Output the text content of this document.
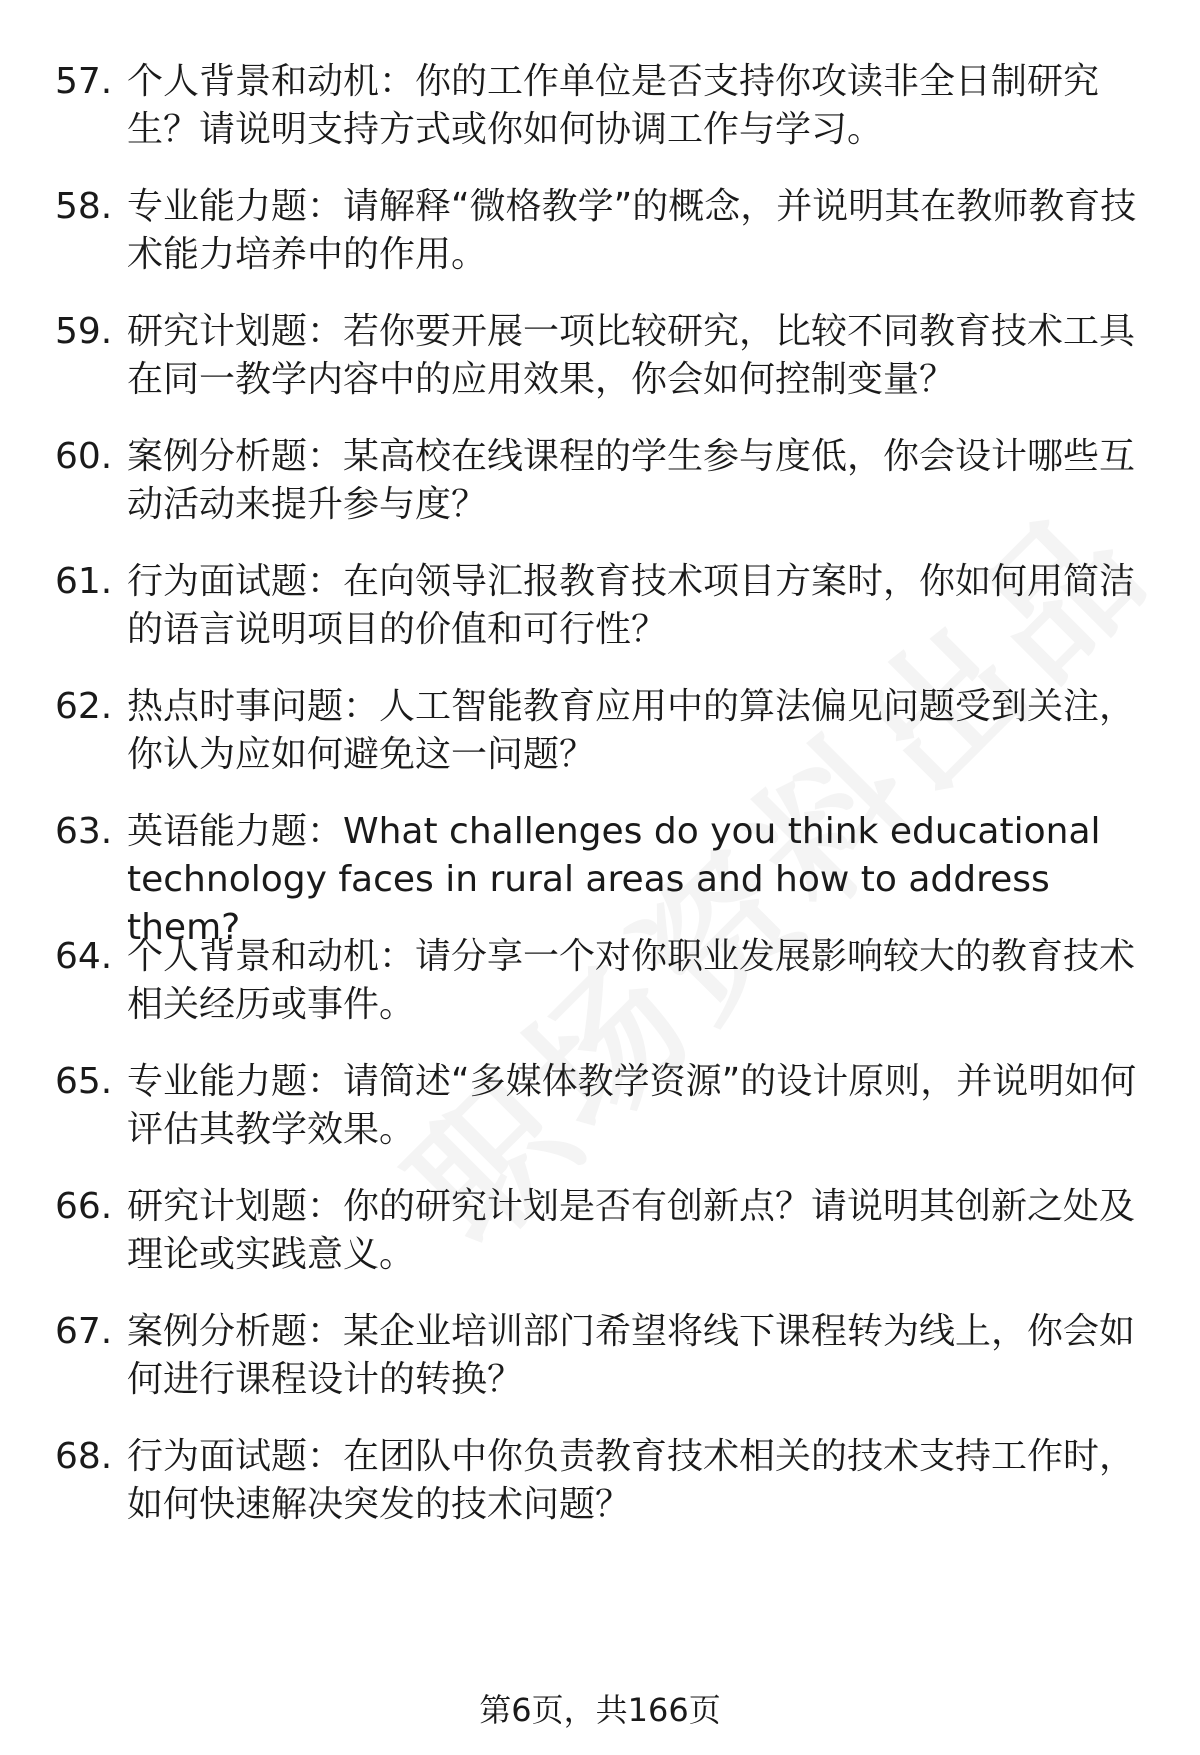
57. 个人背景和动机：你的工作单位是否支持你攻读非全日制研究生？请说明支持方式或你如何协调工作与学习。
58. 专业能力题：请解释“微格教学”的概念，并说明其在教师教育技术能力培养中的作用。
59. 研究计划题：若你要开展一项比较研究，比较不同教育技术工具在同一教学内容中的应用效果，你会如何控制变量？
60. 案例分析题：某高校在线课程的学生参与度低，你会设计哪些互动活动来提升参与度？
61. 行为面试题：在向领导汇报教育技术项目方案时，你如何用简洁的语言说明项目的价值和可行性？
62. 热点时事问题：人工智能教育应用中的算法偏见问题受到关注，你认为应如何避免这一问题？
63. 英语能力题：What challenges do you think educational technology faces in rural areas and how to address them?
64. 个人背景和动机：请分享一个对你职业发展影响较大的教育技术相关经历或事件。
65. 专业能力题：请简述“多媒体教学资源”的设计原则，并说明如何评估其教学效果。
66. 研究计划题：你的研究计划是否有创新点？请说明其创新之处及理论或实践意义。
67. 案例分析题：某企业培训部门希望将线下课程转为线上，你会如何进行课程设计的转换？
68. 行为面试题：在团队中你负责教育技术相关的技术支持工作时，如何快速解决突发的技术问题？
第6页，共166页
